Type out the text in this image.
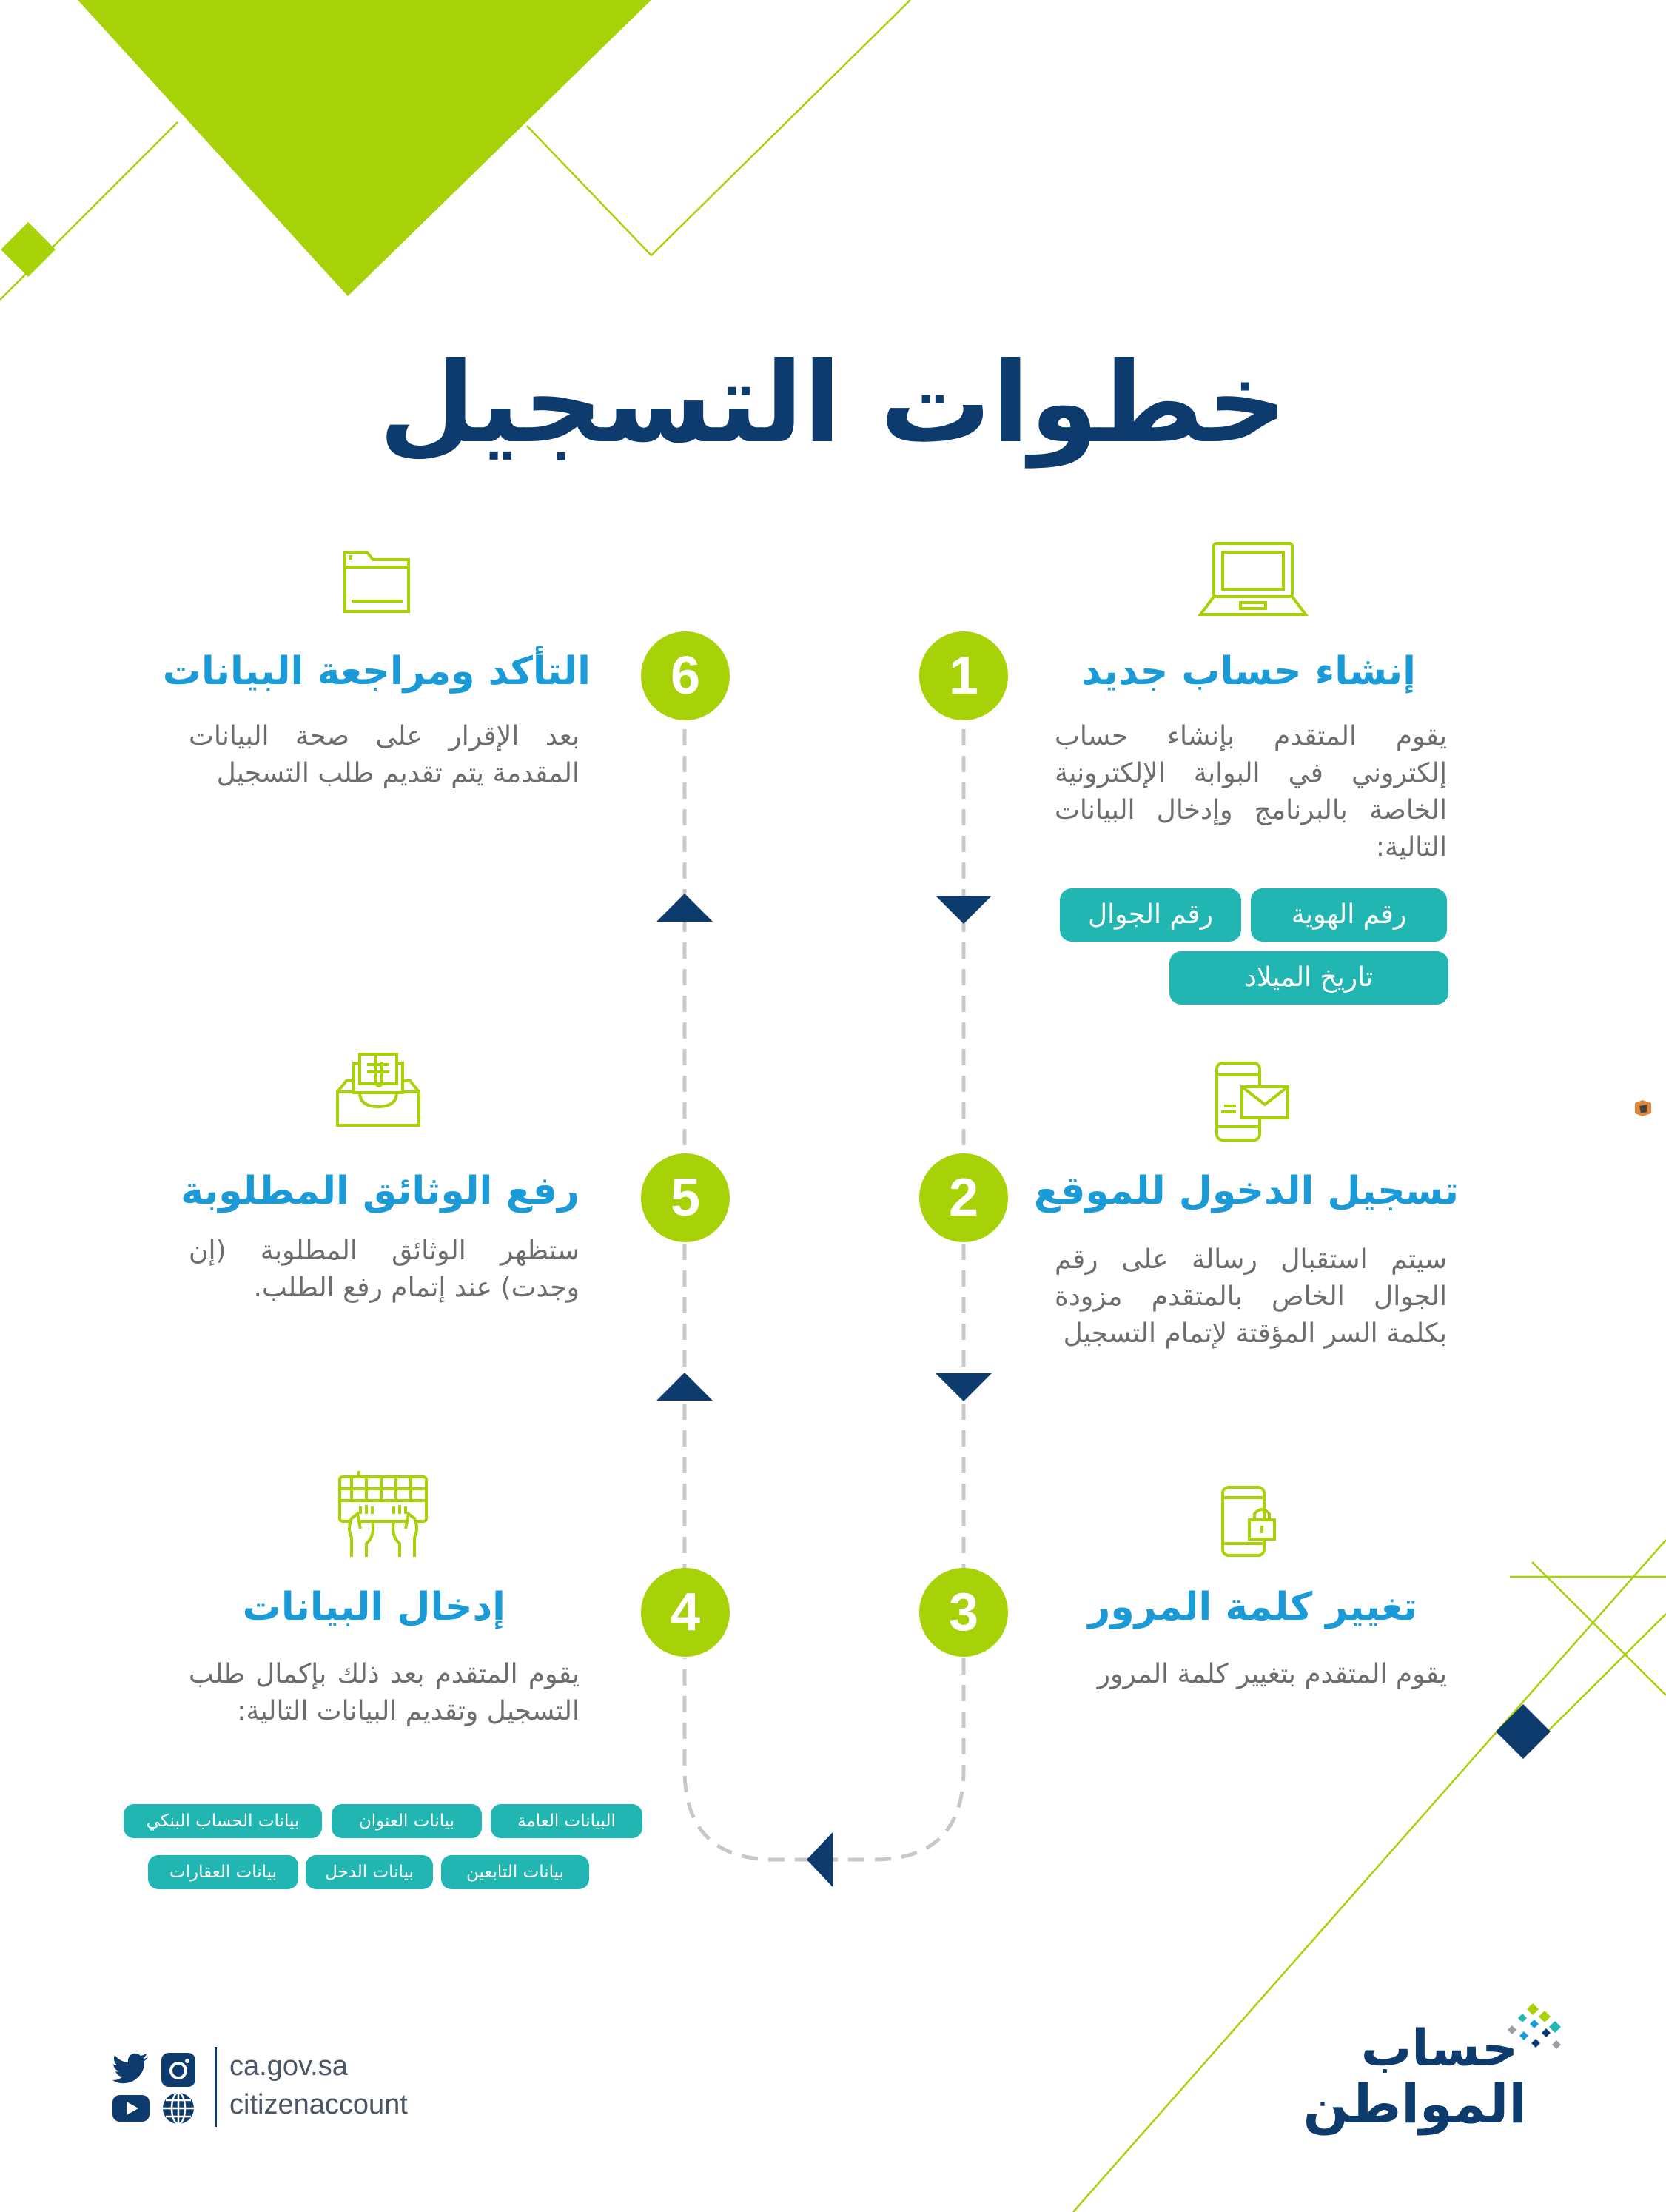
خطوات التسجيل
1	إنشاء حساب جديد
يقوم المتقدم بإنشاء حساب إلكتروني في البوابة الإلكترونية الخاصة بالبرنامج وإدخال البيانات التالية:
رقم الهوية
رقم الجوال
تاريخ الميلاد
2	تسجيل الدخول للموقع
سيتم استقبال رسالة على رقم الجوال الخاص بالمتقدم مزودة بكلمة السر المؤقتة لإتمام التسجيل
3	تغيير كلمة المرور
يقوم المتقدم بتغيير كلمة المرور
4
إدخال البيانات
يقوم المتقدم بعد ذلك بإكمال طلب التسجيل وتقديم البيانات التالية:
البيانات العامة
بيانات العنوان
بيانات الحساب البنكي
بيانات التابعين
بيانات الدخل
بيانات العقارات
5
رفع الوثائق المطلوبة
ستظهر الوثائق المطلوبة (إن وجدت) عند إتمام رفع الطلب.
6
التأكد ومراجعة البيانات
بعد الإقرار على صحة البيانات المقدمة يتم تقديم طلب التسجيل
ca.gov.sa
citizenaccount
حساب
المواطن
